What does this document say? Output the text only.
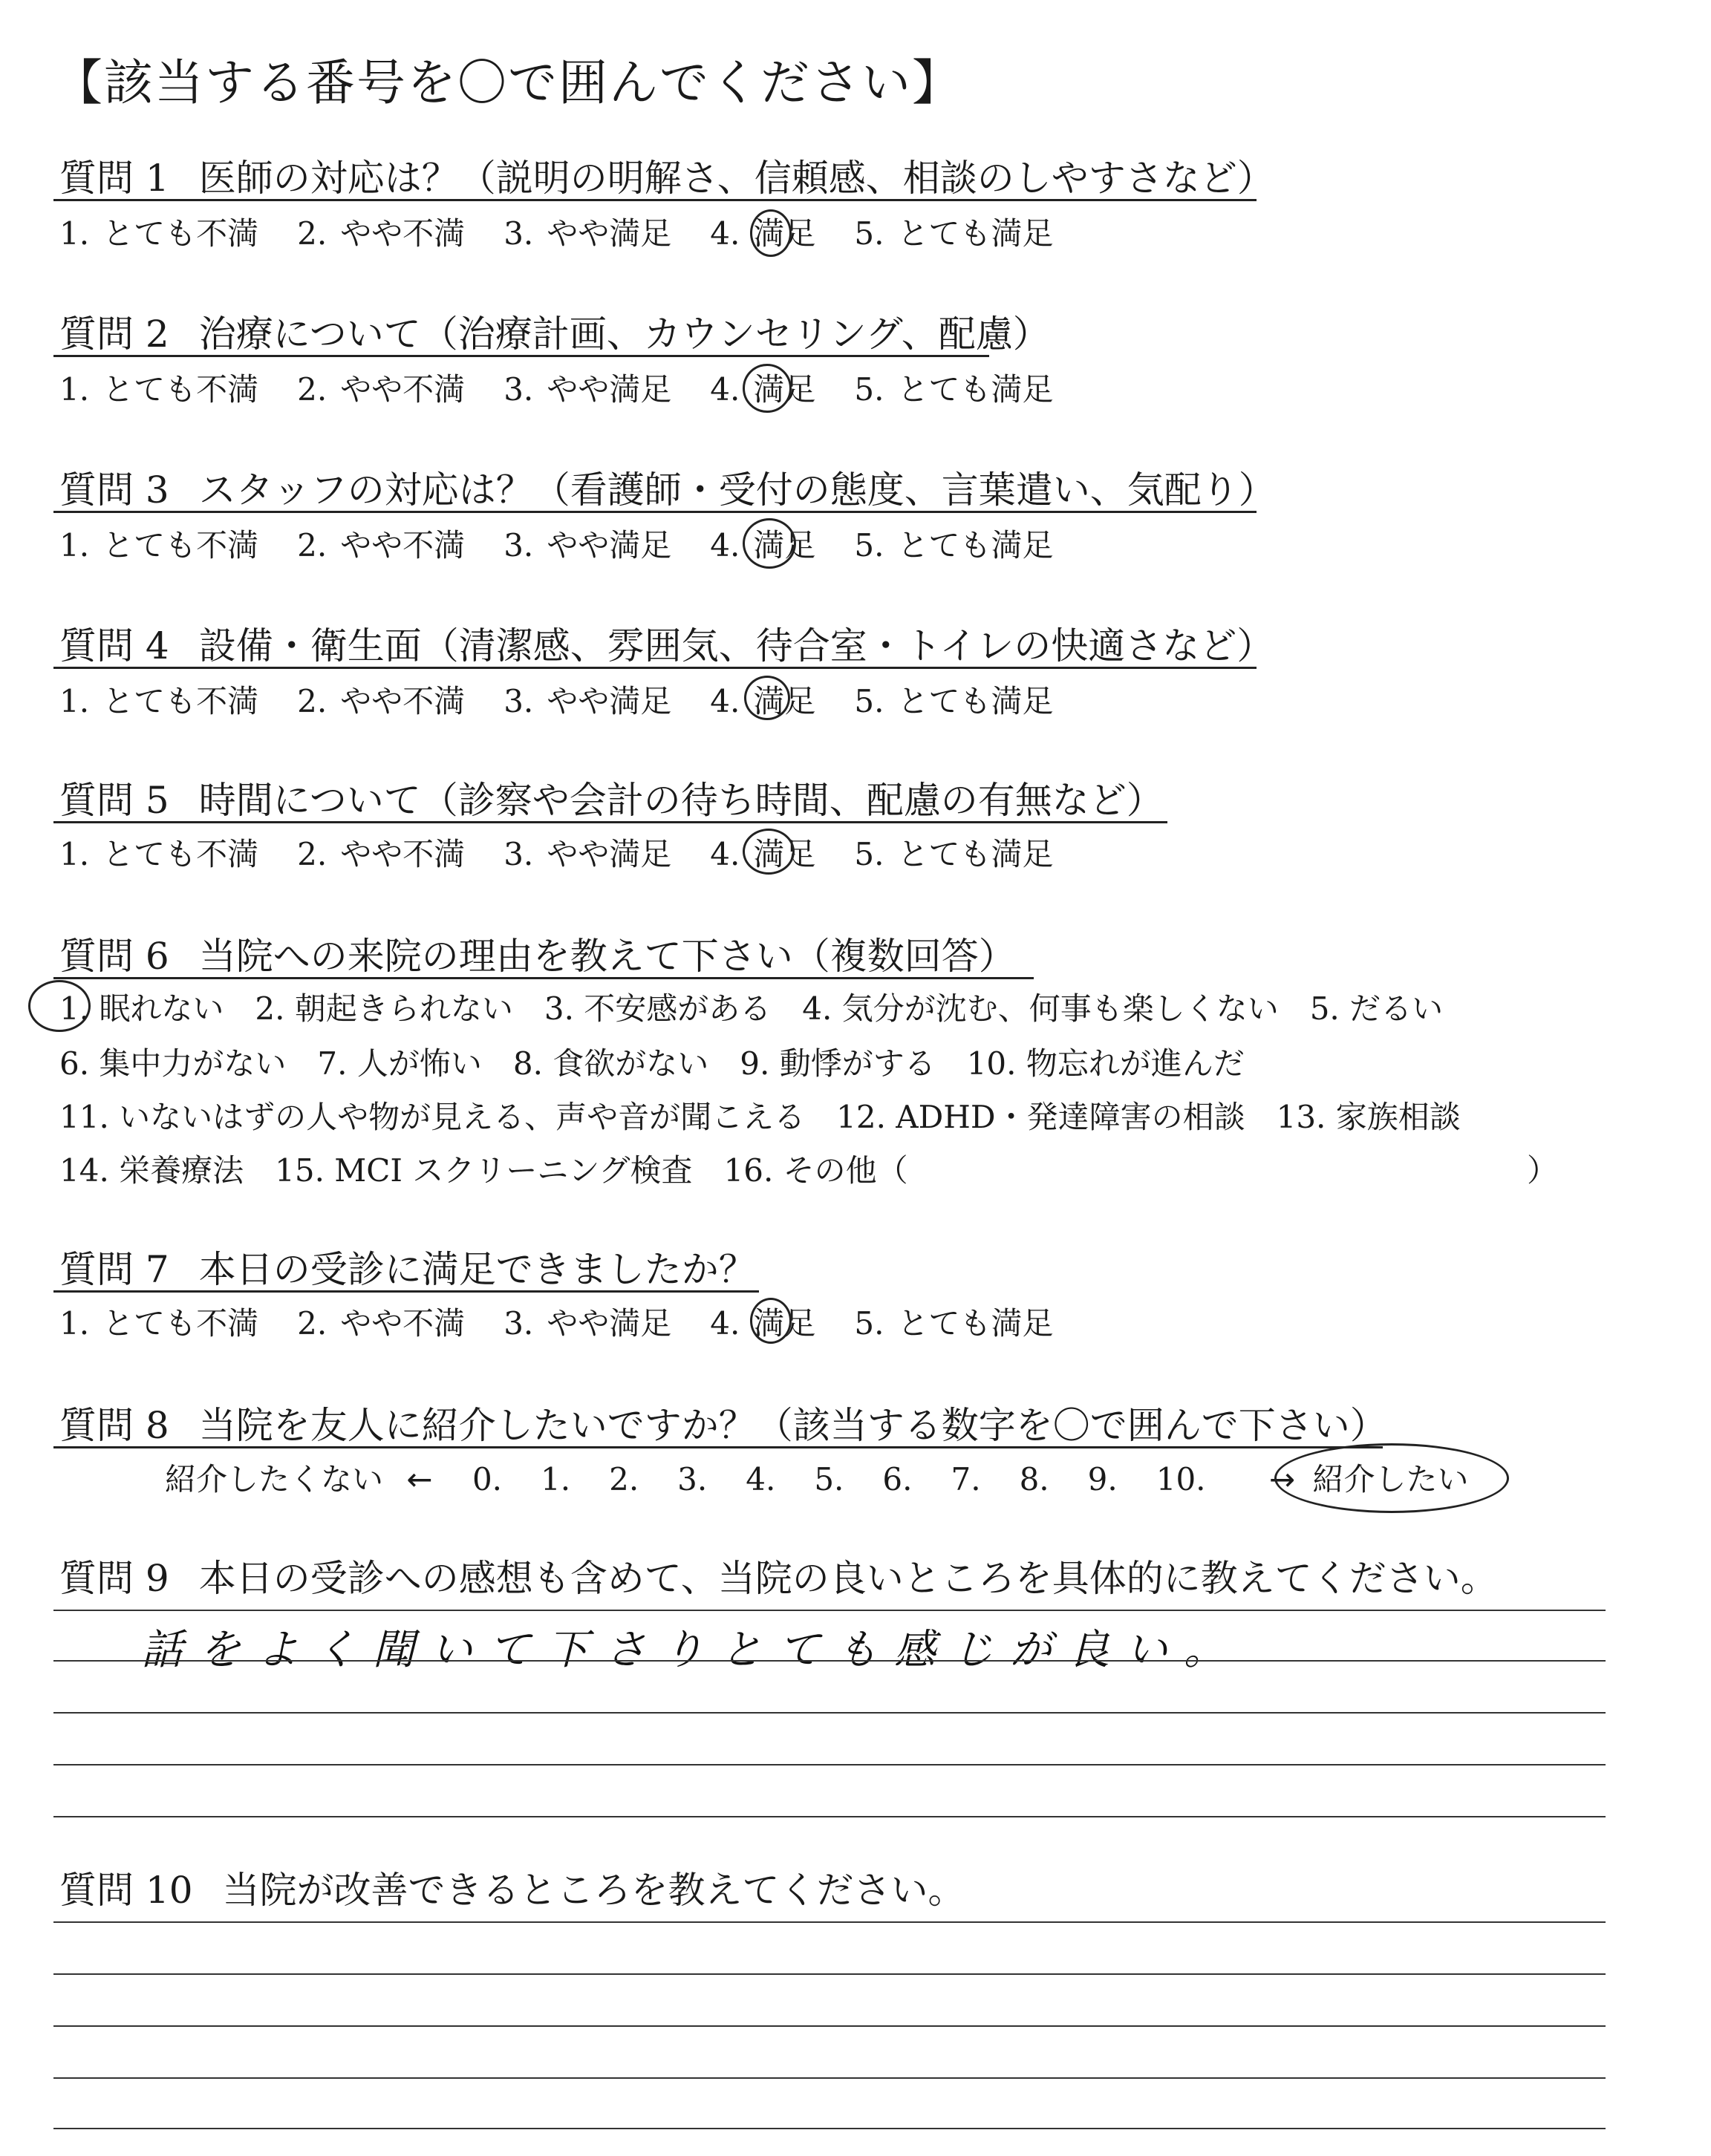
【該当する番号を〇で囲んでください】
質問 1 医師の対応は？（説明の明解さ、信頼感、相談のしやすさなど）
1. とても不満 2. やや不満 3. やや満足 4. 満足 5. とても満足
質問 2 治療について（治療計画、カウンセリング、配慮）
1. とても不満 2. やや不満 3. やや満足 4. 満足 5. とても満足
質問 3 スタッフの対応は？（看護師・受付の態度、言葉遣い、気配り）
1. とても不満 2. やや不満 3. やや満足 4. 満足 5. とても満足
質問 4 設備・衛生面（清潔感、雰囲気、待合室・トイレの快適さなど）
1. とても不満 2. やや不満 3. やや満足 4. 満足 5. とても満足
質問 5 時間について（診察や会計の待ち時間、配慮の有無など）
1. とても不満 2. やや不満 3. やや満足 4. 満足 5. とても満足
質問 6 当院への来院の理由を教えて下さい（複数回答）
1. 眠れない　2. 朝起きられない　3. 不安感がある　4. 気分が沈む、何事も楽しくない　5. だるい
6. 集中力がない　7. 人が怖い　8. 食欲がない　9. 動悸がする　10. 物忘れが進んだ
11. いないはずの人や物が見える、声や音が聞こえる　12. ADHD・発達障害の相談　13. 家族相談
14. 栄養療法　15. MCI スクリーニング検査　16. その他（	）
質問 7 本日の受診に満足できましたか？
1. とても不満 2. やや不満 3. やや満足 4. 満足 5. とても満足
質問 8 当院を友人に紹介したいですか？（該当する数字を〇で囲んで下さい）
紹介したくない ← 0. 1. 2. 3. 4. 5. 6. 7. 8. 9. 10. → 紹介したい
質問 9 本日の受診への感想も含めて、当院の良いところを具体的に教えてください。
話をよく聞いて下さりとても感じが良い。
質問 10 当院が改善できるところを教えてください。
